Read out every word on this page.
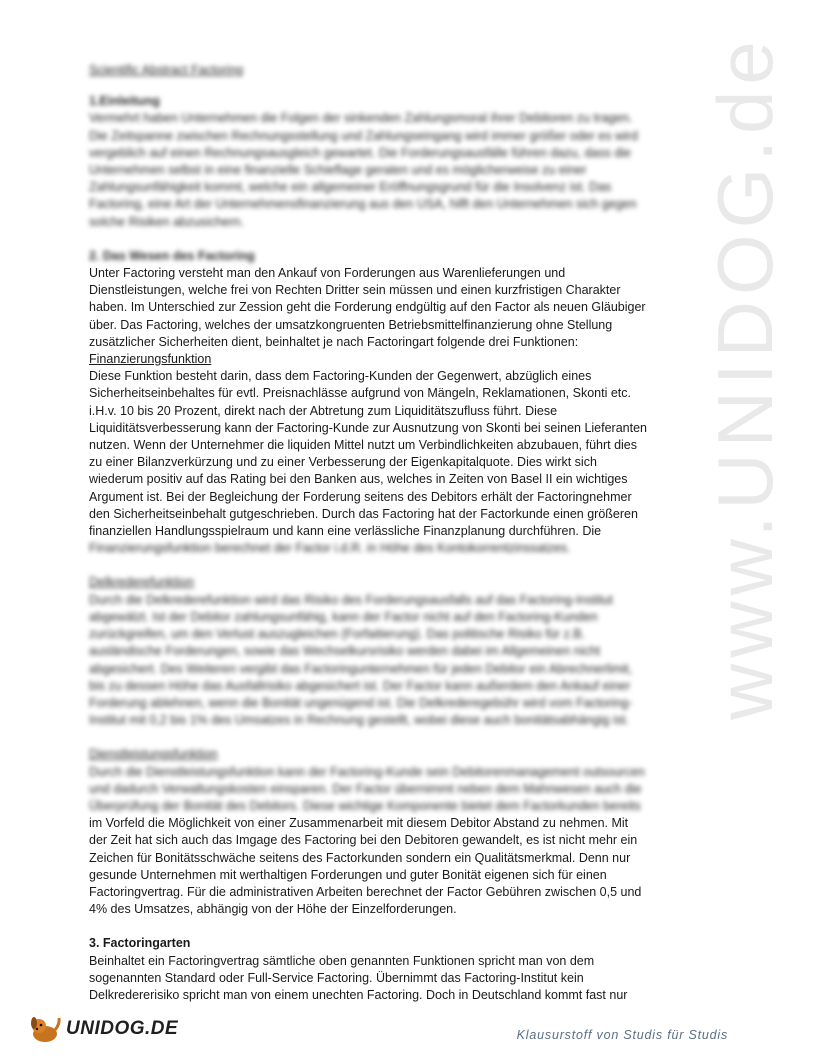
www.UNIDOG.de
Scientific Abstract Factoring
1.Einleitung
Vermehrt haben Unternehmen die Folgen der sinkenden Zahlungsmoral ihrer Debitoren zu tragen.
Die Zeitspanne zwischen Rechnungsstellung und Zahlungseingang wird immer größer oder es wird
vergeblich auf einen Rechnungsausgleich gewartet. Die Forderungsausfälle führen dazu, dass die
Unternehmen selbst in eine finanzielle Schieflage geraten und es möglicherweise zu einer
Zahlungsunfähigkeit kommt, welche ein allgemeiner Eröffnungsgrund für die Insolvenz ist. Das
Factoring, eine Art der Unternehmensfinanzierung aus den USA, hilft den Unternehmen sich gegen
solche Risiken abzusichern.
2. Das Wesen des Factoring
Unter Factoring versteht man den Ankauf von Forderungen aus Warenlieferungen und
Dienstleistungen, welche frei von Rechten Dritter sein müssen und einen kurzfristigen Charakter
haben. Im Unterschied zur Zession geht die Forderung endgültig auf den Factor als neuen Gläubiger
über. Das Factoring, welches der umsatzkongruenten Betriebsmittelfinanzierung ohne Stellung
zusätzlicher Sicherheiten dient, beinhaltet je nach Factoringart folgende drei Funktionen:
Finanzierungsfunktion
Diese Funktion besteht darin, dass dem Factoring-Kunden der Gegenwert, abzüglich eines
Sicherheitseinbehaltes für evtl. Preisnachlässe aufgrund von Mängeln, Reklamationen, Skonti etc.
i.H.v. 10 bis 20 Prozent, direkt nach der Abtretung zum Liquiditätszufluss führt. Diese
Liquiditätsverbesserung kann der Factoring-Kunde zur Ausnutzung von Skonti bei seinen Lieferanten
nutzen. Wenn der Unternehmer die liquiden Mittel nutzt um Verbindlichkeiten abzubauen, führt dies
zu einer Bilanzverkürzung und zu einer Verbesserung der Eigenkapitalquote. Dies wirkt sich
wiederum positiv auf das Rating bei den Banken aus, welches in Zeiten von Basel II ein wichtiges
Argument ist. Bei der Begleichung der Forderung seitens des Debitors erhält der Factoringnehmer
den Sicherheitseinbehalt gutgeschrieben. Durch das Factoring hat der Factorkunde einen größeren
finanziellen Handlungsspielraum und kann eine verlässliche Finanzplanung durchführen. Die
Finanzierungsfunktion berechnet der Factor i.d.R. in Höhe des Kontokorrentzinssatzes.
Delkrederefunktion
Durch die Delkrederefunktion wird das Risiko des Forderungsausfalls auf das Factoring-Institut
abgewälzt. Ist der Debitor zahlungsunfähig, kann der Factor nicht auf den Factoring-Kunden
zurückgreifen, um den Verlust auszugleichen (Forfaitierung). Das politische Risiko für z.B.
ausländische Forderungen, sowie das Wechselkursrisiko werden dabei im Allgemeinen nicht
abgesichert. Des Weiteren vergibt das Factoringunternehmen für jeden Debitor ein Abrechnerlimit,
bis zu dessen Höhe das Ausfallrisiko abgesichert ist. Der Factor kann außerdem den Ankauf einer
Forderung ablehnen, wenn die Bonität ungenügend ist. Die Delkrederegebühr wird vom Factoring-
Institut mit 0,2 bis 1% des Umsatzes in Rechnung gestellt, wobei diese auch bonitätsabhängig ist.
Dienstleistungsfunktion
Durch die Dienstleistungsfunktion kann der Factoring-Kunde sein Debitorenmanagement outsourcen
und dadurch Verwaltungskosten einsparen. Der Factor übernimmt neben dem Mahnwesen auch die
Überprüfung der Bonität des Debitors. Diese wichtige Komponente bietet dem Factorkunden bereits
im Vorfeld die Möglichkeit von einer Zusammenarbeit mit diesem Debitor Abstand zu nehmen. Mit
der Zeit hat sich auch das Imgage des Factoring bei den Debitoren gewandelt, es ist nicht mehr ein
Zeichen für Bonitätsschwäche seitens des Factorkunden sondern ein Qualitätsmerkmal. Denn nur
gesunde Unternehmen mit werthaltigen Forderungen und guter Bonität eigenen sich für einen
Factoringvertrag. Für die administrativen Arbeiten berechnet der Factor Gebühren zwischen 0,5 und
4% des Umsatzes, abhängig von der Höhe der Einzelforderungen.
3. Factoringarten
Beinhaltet ein Factoringvertrag sämtliche oben genannten Funktionen spricht man von dem
sogenannten Standard oder Full-Service Factoring. Übernimmt das Factoring-Institut kein
Delkredererisiko spricht man von einem unechten Factoring. Doch in Deutschland kommt fast nur
UNIDOG.DE	Klausurstoff von Studis für Studis
